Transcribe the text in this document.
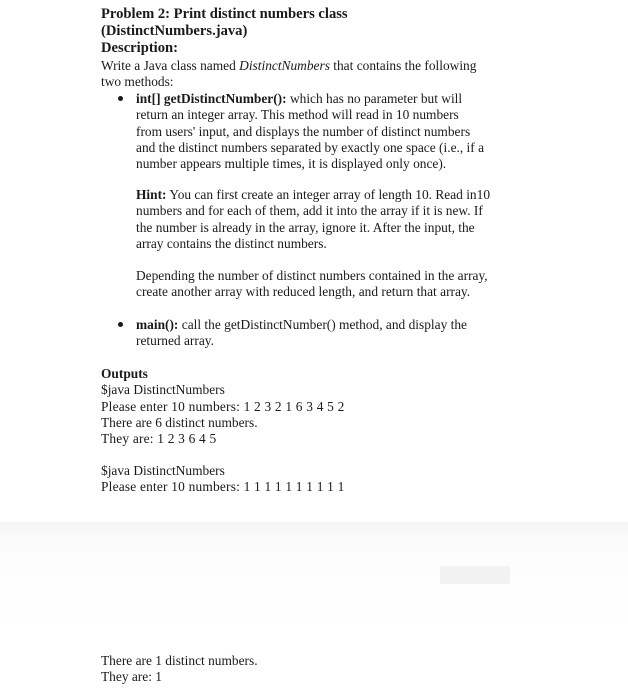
Problem 2: Print distinct numbers class
(DistinctNumbers.java)
Description:
Write a Java class named DistinctNumbers that contains the following
two methods:
int[] getDistinctNumber(): which has no parameter but will
return an integer array. This method will read in 10 numbers
from users' input, and displays the number of distinct numbers
and the distinct numbers separated by exactly one space (i.e., if a
number appears multiple times, it is displayed only once).
Hint: You can first create an integer array of length 10. Read in10
numbers and for each of them, add it into the array if it is new. If
the number is already in the array, ignore it. After the input, the
array contains the distinct numbers.
Depending the number of distinct numbers contained in the array,
create another array with reduced length, and return that array.
main(): call the getDistinctNumber() method, and display the
returned array.
Outputs
$java DistinctNumbers
Please enter 10 numbers: 1 2 3 2 1 6 3 4 5 2
There are 6 distinct numbers.
They are: 1 2 3 6 4 5
$java DistinctNumbers
Please enter 10 numbers: 1 1 1 1 1 1 1 1 1 1
There are 1 distinct numbers.
They are: 1
